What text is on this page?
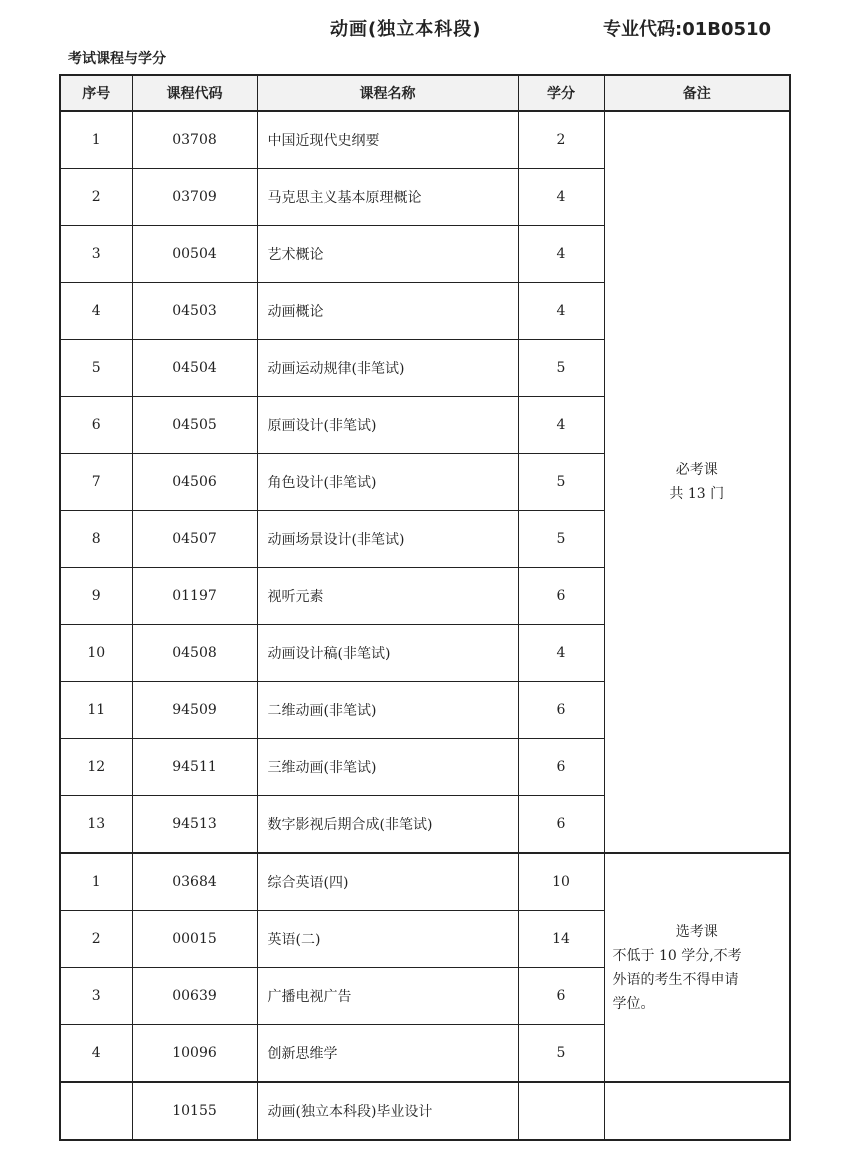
动画(独立本科段)	专业代码:01B0510
考试课程与学分
序号	课程代码	课程名称	学分	备注
1	03708	中国近现代史纲要	2	必考课
共 13 门

2	03709	马克思主义基本原理概论	4	
3	00504	艺术概论	4	
4	04503	动画概论	4	
5	04504	动画运动规律(非笔试)	5	
6	04505	原画设计(非笔试)	4	
7	04506	角色设计(非笔试)	5	
8	04507	动画场景设计(非笔试)	5	
9	01197	视听元素	6	
10	04508	动画设计稿(非笔试)	4	
11	94509	二维动画(非笔试)	6	
12	94511	三维动画(非笔试)	6	
13	94513	数字影视后期合成(非笔试)	6	
1	03684	综合英语(四)	10	选考课
不低于 10 学分,不考
外语的考生不得申请
学位。

2	00015	英语(二)	14	
3	00639	广播电视广告	6	
4	10096	创新思维学	5	
	10155	动画(独立本科段)毕业设计		
